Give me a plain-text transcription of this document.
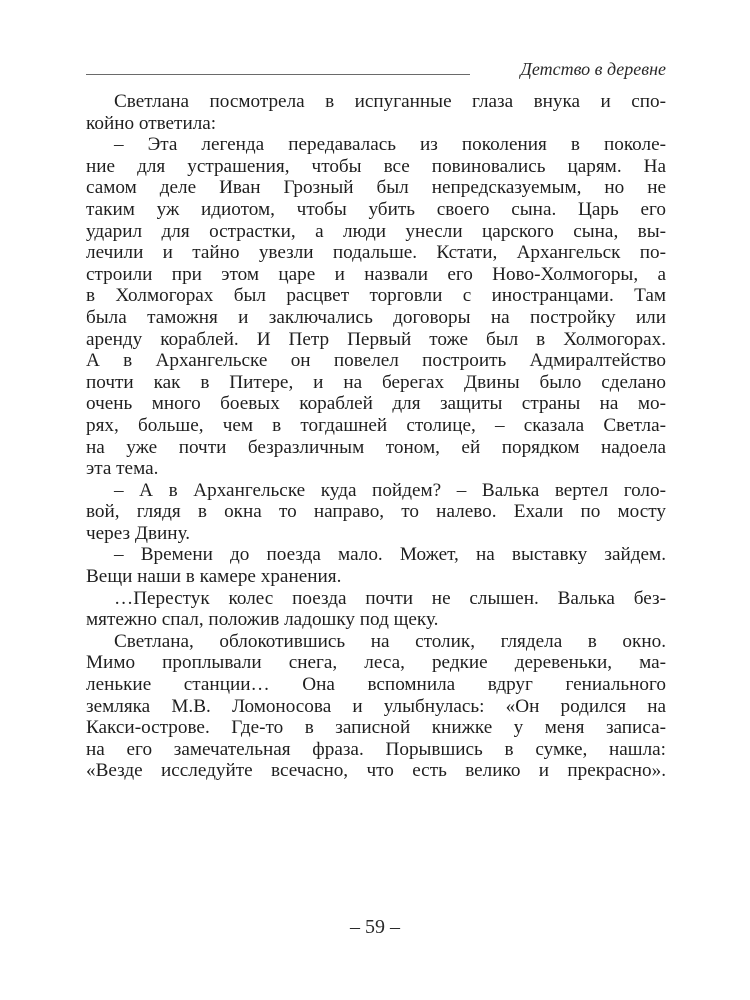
Детство в деревне
Светлана посмотрела в испуганные глаза внука и спо-
койно ответила:
– Эта легенда передавалась из поколения в поколе-
ние для устрашения, чтобы все повиновались царям. На
самом деле Иван Грозный был непредсказуемым, но не
таким уж идиотом, чтобы убить своего сына. Царь его
ударил для острастки, а люди унесли царского сына, вы-
лечили и тайно увезли подальше. Кстати, Архангельск по-
строили при этом царе и назвали его Ново-Холмогоры, а
в Холмогорах был расцвет торговли с иностранцами. Там
была таможня и заключались договоры на постройку или
аренду кораблей. И Петр Первый тоже был в Холмогорах.
А в Архангельске он повелел построить Адмиралтейство
почти как в Питере, и на берегах Двины было сделано
очень много боевых кораблей для защиты страны на мо-
рях, больше, чем в тогдашней столице, – сказала Светла-
на уже почти безразличным тоном, ей порядком надоела
эта тема.
– А в Архангельске куда пойдем? – Валька вертел голо-
вой, глядя в окна то направо, то налево. Ехали по мосту
через Двину.
– Времени до поезда мало. Может, на выставку зайдем.
Вещи наши в камере хранения.
…Перестук колес поезда почти не слышен. Валька без-
мятежно спал, положив ладошку под щеку.
Светлана, облокотившись на столик, глядела в окно.
Мимо проплывали снега, леса, редкие деревеньки, ма-
ленькие станции… Она вспомнила вдруг гениального
земляка М.В. Ломоносова и улыбнулась: «Он родился на
Какси-острове. Где-то в записной книжке у меня записа-
на его замечательная фраза. Порывшись в сумке, нашла:
«Везде исследуйте всечасно, что есть велико и прекрасно».
– 59 –
